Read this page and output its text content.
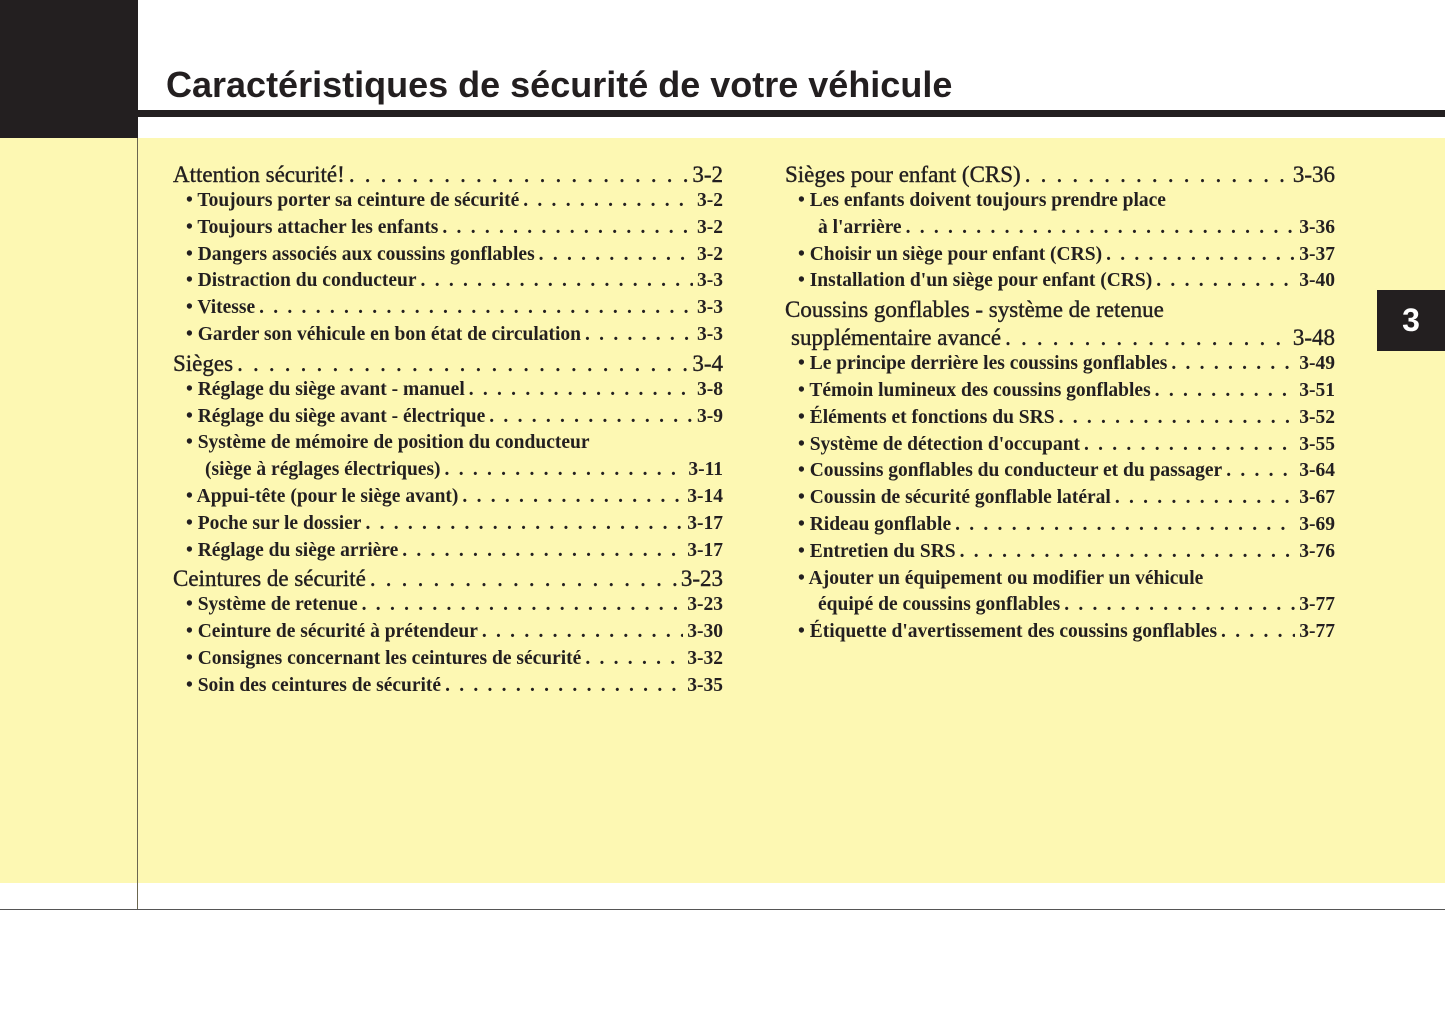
Caractéristiques de sécurité de votre véhicule
3
Attention sécurité! . . .	3-2
• Toujours porter sa ceinture de sécurité . . .	3-2
• Toujours attacher les enfants . . .	3-2
• Dangers associés aux coussins gonflables . . .	3-2
• Distraction du conducteur . . .	3-3
• Vitesse . . .	3-3
• Garder son véhicule en bon état de circulation . . .	3-3
Sièges . . .	3-4
• Réglage du siège avant - manuel . . .	3-8
• Réglage du siège avant - électrique . . .	3-9
• Système de mémoire de position du conducteur
(siège à réglages électriques) . . .	3-11
• Appui-tête (pour le siège avant) . . .	3-14
• Poche sur le dossier . . .	3-17
• Réglage du siège arrière . . .	3-17
Ceintures de sécurité . . .	3-23
• Système de retenue . . .	3-23
• Ceinture de sécurité à prétendeur . . .	3-30
• Consignes concernant les ceintures de sécurité . . .	3-32
• Soin des ceintures de sécurité . . .	3-35
Sièges pour enfant (CRS) . . .	3-36
• Les enfants doivent toujours prendre place
à l'arrière . . .	3-36
• Choisir un siège pour enfant (CRS) . . .	3-37
• Installation d'un siège pour enfant (CRS) . . .	3-40
Coussins gonflables - système de retenue
supplémentaire avancé . . .	3-48
• Le principe derrière les coussins gonflables . . .	3-49
• Témoin lumineux des coussins gonflables . . .	3-51
• Éléments et fonctions du SRS . . .	3-52
• Système de détection d'occupant . . .	3-55
• Coussins gonflables du conducteur et du passager . . .	3-64
• Coussin de sécurité gonflable latéral . . .	3-67
• Rideau gonflable . . .	3-69
• Entretien du SRS . . .	3-76
• Ajouter un équipement ou modifier un véhicule
équipé de coussins gonflables . . .	3-77
• Étiquette d'avertissement des coussins gonflables . . .	3-77
